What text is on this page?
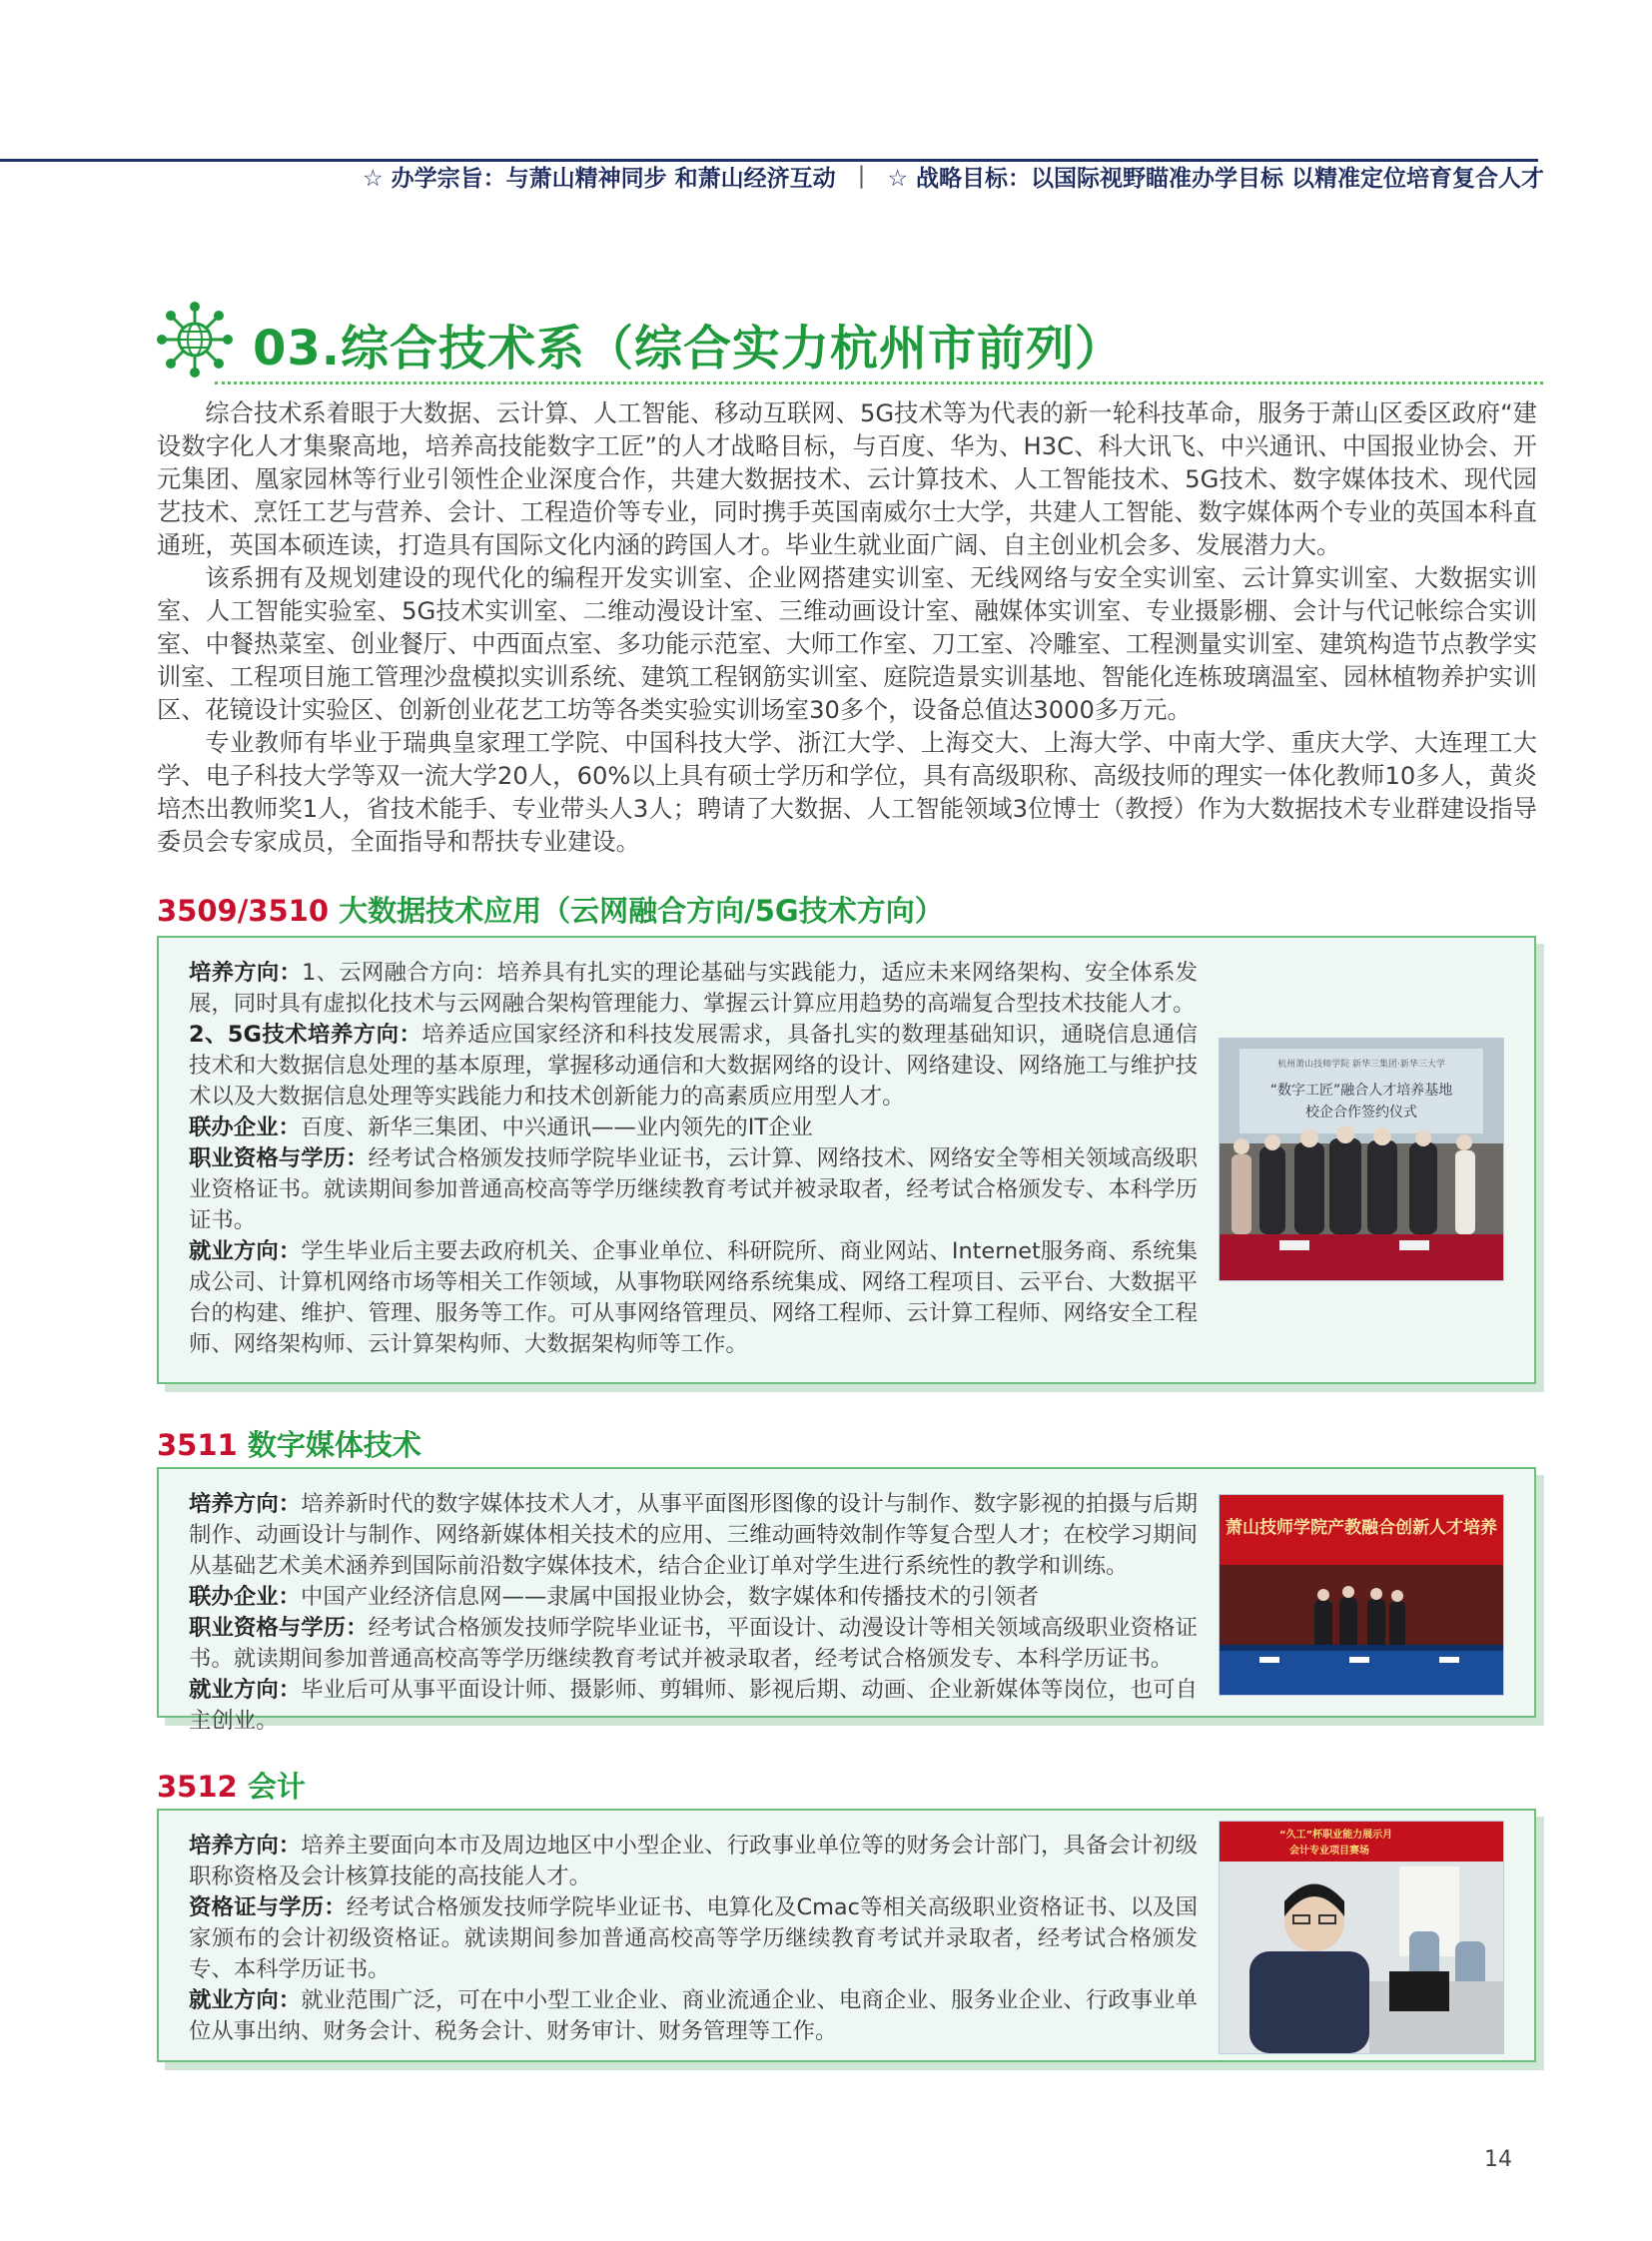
☆ 办学宗旨：与萧山精神同步 和萧山经济互动 | ☆ 战略目标：以国际视野瞄准办学目标 以精准定位培育复合人才
03.综合技术系（综合实力杭州市前列）

综合技术系着眼于大数据、云计算、人工智能、移动互联网、5G技术等为代表的新一轮科技革命，服务于萧山区委区政府“建设数字化人才集聚高地，培养高技能数字工匠”的人才战略目标，与百度、华为、H3C、科大讯飞、中兴通讯、中国报业协会、开元集团、凰家园林等行业引领性企业深度合作，共建大数据技术、云计算技术、人工智能技术、5G技术、数字媒体技术、现代园艺技术、烹饪工艺与营养、会计、工程造价等专业，同时携手英国南威尔士大学，共建人工智能、数字媒体两个专业的英国本科直通班，英国本硕连读，打造具有国际文化内涵的跨国人才。毕业生就业面广阔、自主创业机会多、发展潜力大。

该系拥有及规划建设的现代化的编程开发实训室、企业网搭建实训室、无线网络与安全实训室、云计算实训室、大数据实训室、人工智能实验室、5G技术实训室、二维动漫设计室、三维动画设计室、融媒体实训室、专业摄影棚、会计与代记帐综合实训室、中餐热菜室、创业餐厅、中西面点室、多功能示范室、大师工作室、刀工室、冷雕室、工程测量实训室、建筑构造节点教学实训室、工程项目施工管理沙盘模拟实训系统、建筑工程钢筋实训室、庭院造景实训基地、智能化连栋玻璃温室、园林植物养护实训区、花镜设计实验区、创新创业花艺工坊等各类实验实训场室30多个，设备总值达3000多万元。

专业教师有毕业于瑞典皇家理工学院、中国科技大学、浙江大学、上海交大、上海大学、中南大学、重庆大学、大连理工大学、电子科技大学等双一流大学20人，60%以上具有硕士学历和学位，具有高级职称、高级技师的理实一体化教师10多人，黄炎培杰出教师奖1人，省技术能手、专业带头人3人；聘请了大数据、人工智能领域3位博士（教授）作为大数据技术专业群建设指导委员会专家成员，全面指导和帮扶专业建设。

3509/3510 大数据技术应用（云网融合方向/5G技术方向）

培养方向：1、云网融合方向：培养具有扎实的理论基础与实践能力，适应未来网络架构、安全体系发展，同时具有虚拟化技术与云网融合架构管理能力、掌握云计算应用趋势的高端复合型技术技能人才。

2、5G技术培养方向：培养适应国家经济和科技发展需求，具备扎实的数理基础知识，通晓信息通信技术和大数据信息处理的基本原理，掌握移动通信和大数据网络的设计、网络建设、网络施工与维护技术以及大数据信息处理等实践能力和技术创新能力的高素质应用型人才。

联办企业：百度、新华三集团、中兴通讯——业内领先的IT企业

职业资格与学历：经考试合格颁发技师学院毕业证书，云计算、网络技术、网络安全等相关领域高级职业资格证书。就读期间参加普通高校高等学历继续教育考试并被录取者，经考试合格颁发专、本科学历证书。

就业方向：学生毕业后主要去政府机关、企事业单位、科研院所、商业网站、Internet服务商、系统集成公司、计算机网络市场等相关工作领域，从事物联网络系统集成、网络工程项目、云平台、大数据平台的构建、维护、管理、服务等工作。可从事网络管理员、网络工程师、云计算工程师、网络安全工程师、网络架构师、云计算架构师、大数据架构师等工作。

杭州萧山技师学院 新华三集团·新华三大学
“数字工匠”融合人才培养基地
校企合作签约仪式
3511 数字媒体技术

培养方向：培养新时代的数字媒体技术人才，从事平面图形图像的设计与制作、数字影视的拍摄与后期制作、动画设计与制作、网络新媒体相关技术的应用、三维动画特效制作等复合型人才；在校学习期间从基础艺术美术涵养到国际前沿数字媒体技术，结合企业订单对学生进行系统性的教学和训练。

联办企业：中国产业经济信息网——隶属中国报业协会，数字媒体和传播技术的引领者

职业资格与学历：经考试合格颁发技师学院毕业证书，平面设计、动漫设计等相关领域高级职业资格证书。就读期间参加普通高校高等学历继续教育考试并被录取者，经考试合格颁发专、本科学历证书。

就业方向：毕业后可从事平面设计师、摄影师、剪辑师、影视后期、动画、企业新媒体等岗位，也可自主创业。

萧山技师学院产教融合创新人才培养
3512 会计

培养方向：培养主要面向本市及周边地区中小型企业、行政事业单位等的财务会计部门，具备会计初级职称资格及会计核算技能的高技能人才。

资格证与学历：经考试合格颁发技师学院毕业证书、电算化及Cmac等相关高级职业资格证书、以及国家颁布的会计初级资格证。就读期间参加普通高校高等学历继续教育考试并录取者，经考试合格颁发专、本科学历证书。

就业方向：就业范围广泛，可在中小型工业企业、商业流通企业、电商企业、服务业企业、行政事业单位从事出纳、财务会计、税务会计、财务审计、财务管理等工作。

“久工”杯职业能力展示月
会计专业项目赛场
14
